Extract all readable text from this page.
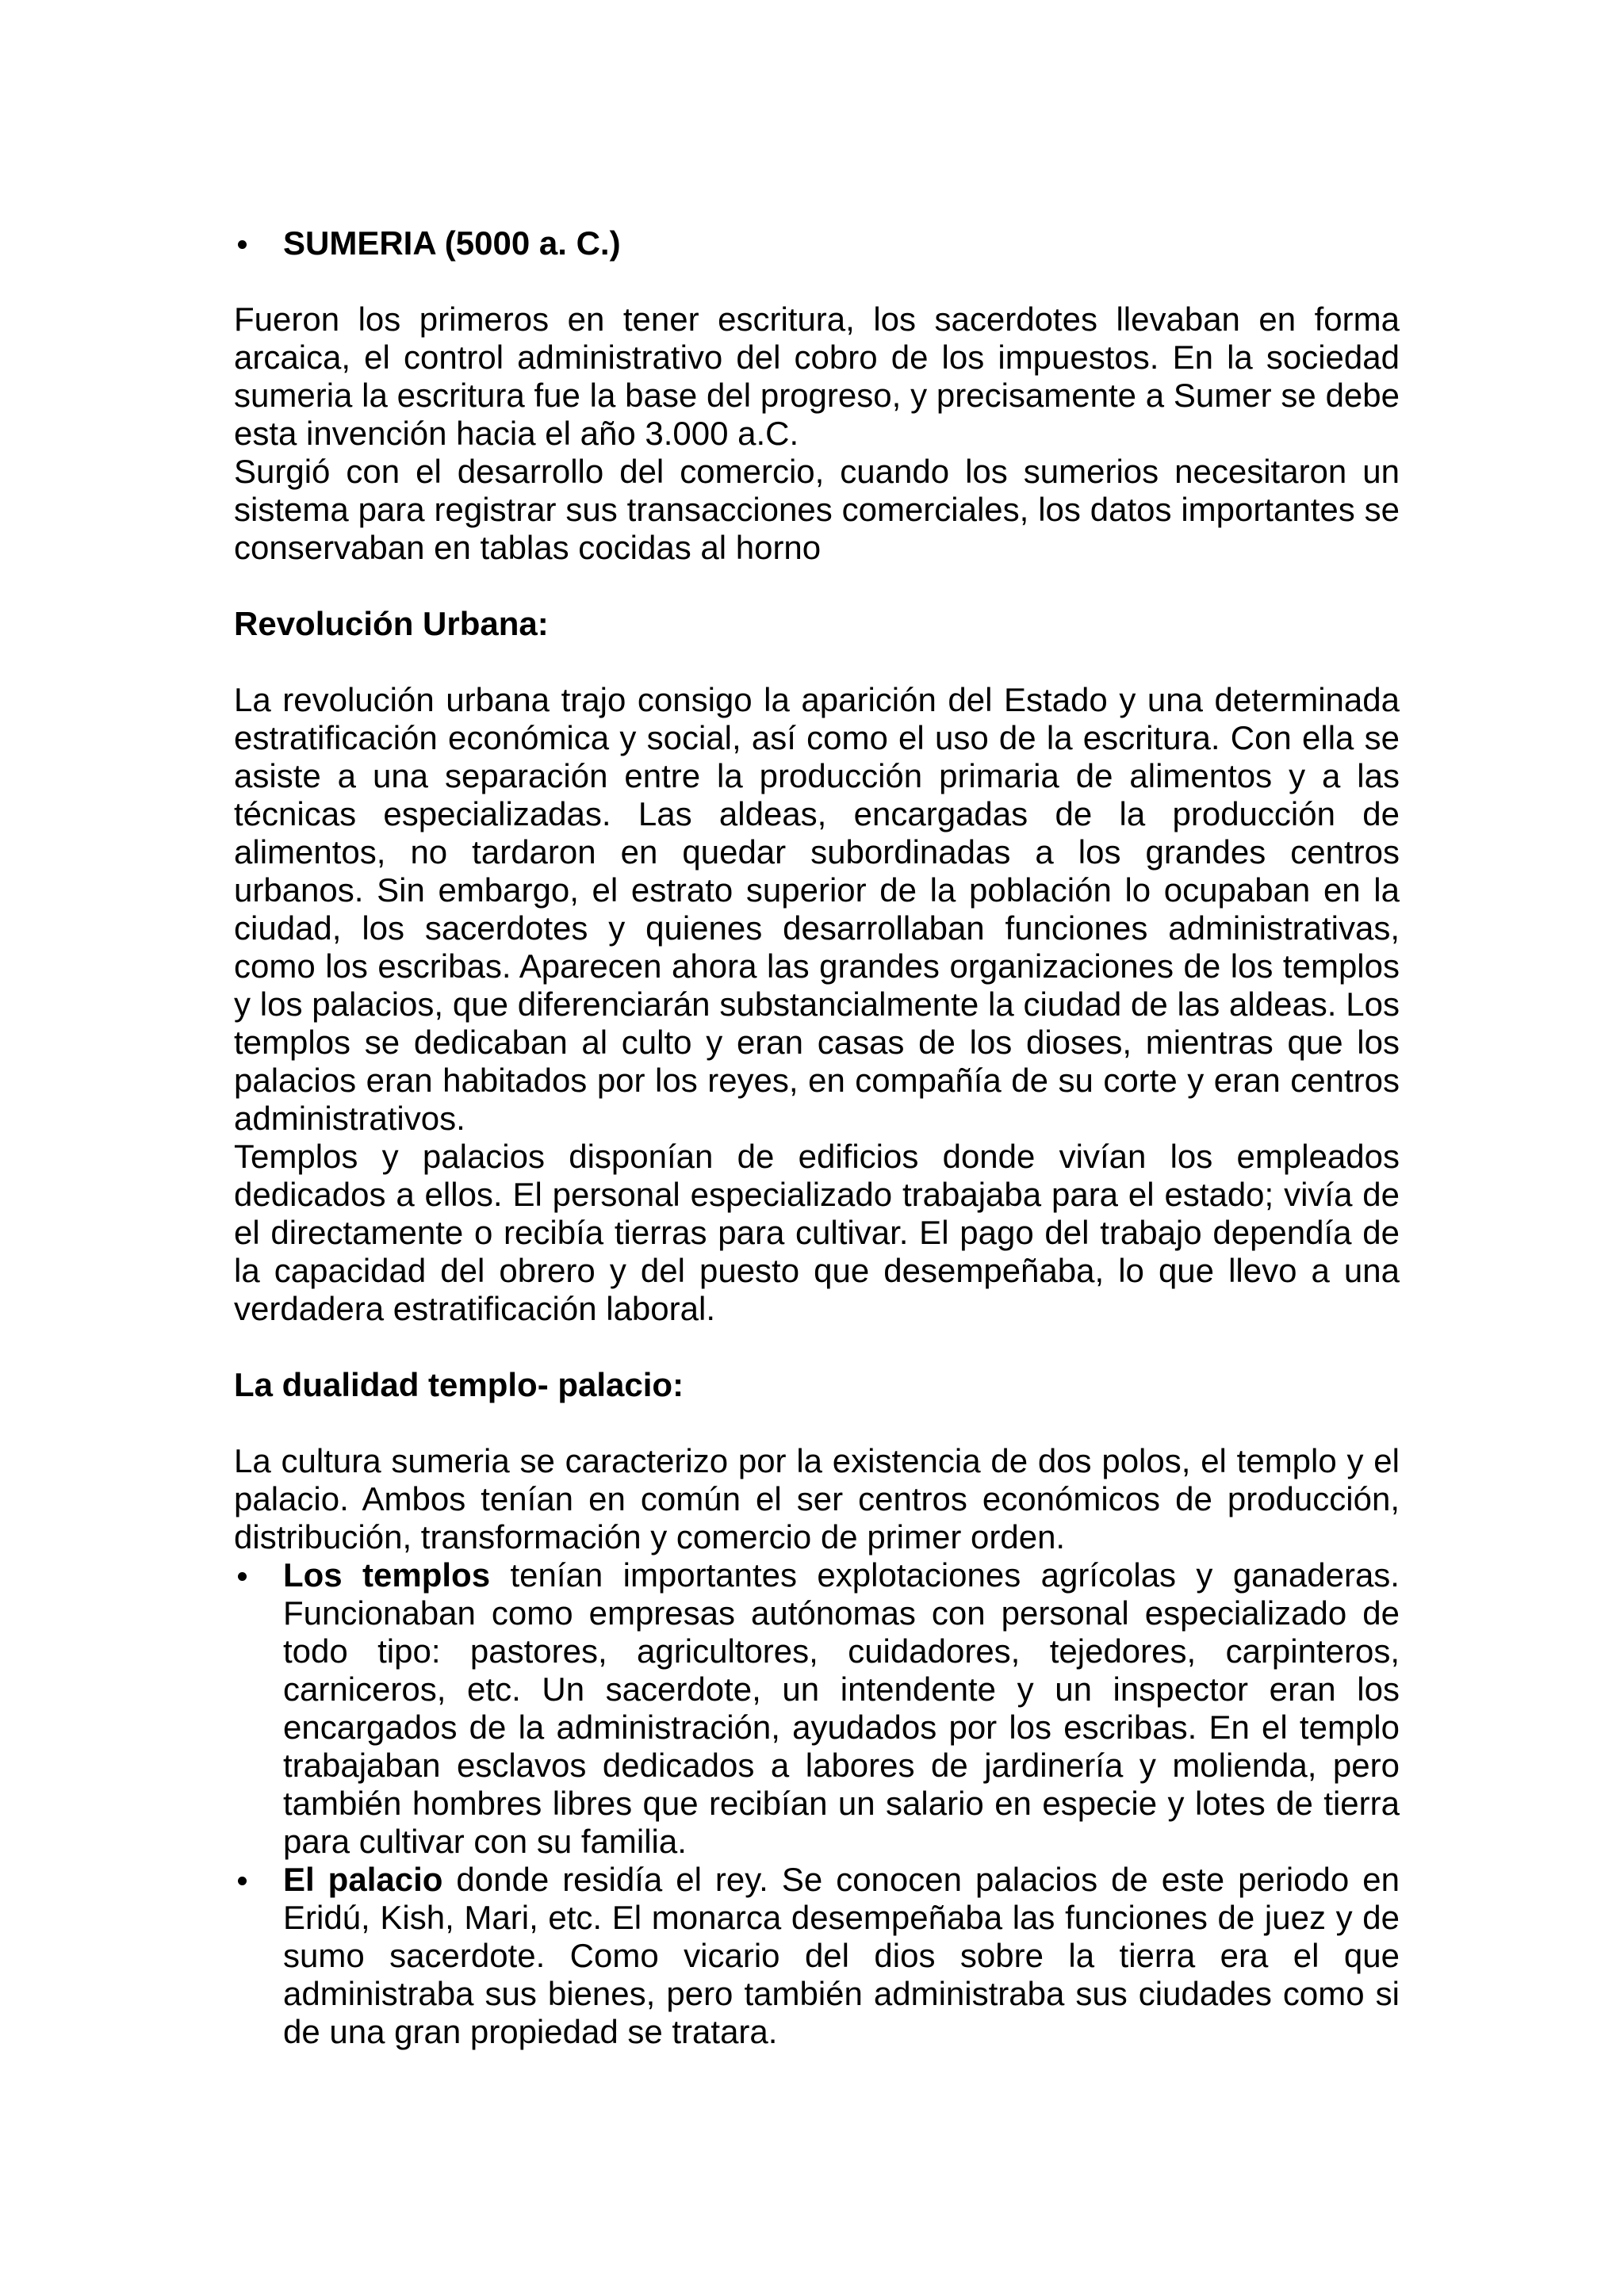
SUMERIA (5000 a. C.)

Fueron los primeros en tener escritura, los sacerdotes llevaban en forma arcaica, el control administrativo del cobro de los impuestos. En la sociedad sumeria la escritura fue la base del progreso, y precisamente a Sumer se debe esta invención hacia el año 3.000 a.C.

Surgió con el desarrollo del comercio, cuando los sumerios necesitaron un sistema para registrar sus transacciones comerciales, los datos importantes se conservaban en tablas cocidas al horno

Revolución Urbana:

La revolución urbana trajo consigo la aparición del Estado y una determinada estratificación económica y social, así como el uso de la escritura. Con ella se asiste a una separación entre la producción primaria de alimentos y a las técnicas especializadas. Las aldeas, encargadas de la producción de alimentos, no tardaron en quedar subordinadas a los grandes centros urbanos. Sin embargo, el estrato superior de la población lo ocupaban en la ciudad, los sacerdotes y quienes desarrollaban funciones administrativas, como los escribas. Aparecen ahora las grandes organizaciones de los templos y los palacios, que diferenciarán substancialmente la ciudad de las aldeas. Los templos se dedicaban al culto y eran casas de los dioses, mientras que los palacios eran habitados por los reyes, en compañía de su corte y eran centros administrativos.

Templos y palacios disponían de edificios donde vivían los empleados dedicados a ellos. El personal especializado trabajaba para el estado; vivía de el directamente o recibía tierras para cultivar. El pago del trabajo dependía de la capacidad del obrero y del puesto que desempeñaba, lo que llevo a una verdadera estratificación laboral.

La dualidad templo- palacio:

La cultura sumeria se caracterizo por la existencia de dos polos, el templo y el palacio. Ambos tenían en común el ser centros económicos de producción, distribución, transformación y comercio de primer orden.

Los templos tenían importantes explotaciones agrícolas y ganaderas. Funcionaban como empresas autónomas con personal especializado de todo tipo: pastores, agricultores, cuidadores, tejedores, carpinteros, carniceros, etc. Un sacerdote, un intendente y un inspector eran los encargados de la administración, ayudados por los escribas. En el templo trabajaban esclavos dedicados a labores de jardinería y molienda, pero también hombres libres que recibían un salario en especie y lotes de tierra para cultivar con su familia.

El palacio donde residía el rey. Se conocen palacios de este periodo en Eridú, Kish, Mari, etc. El monarca desempeñaba las funciones de juez y de sumo sacerdote. Como vicario del dios sobre la tierra era el que administraba sus bienes, pero también administraba sus ciudades como si de una gran propiedad se tratara.
